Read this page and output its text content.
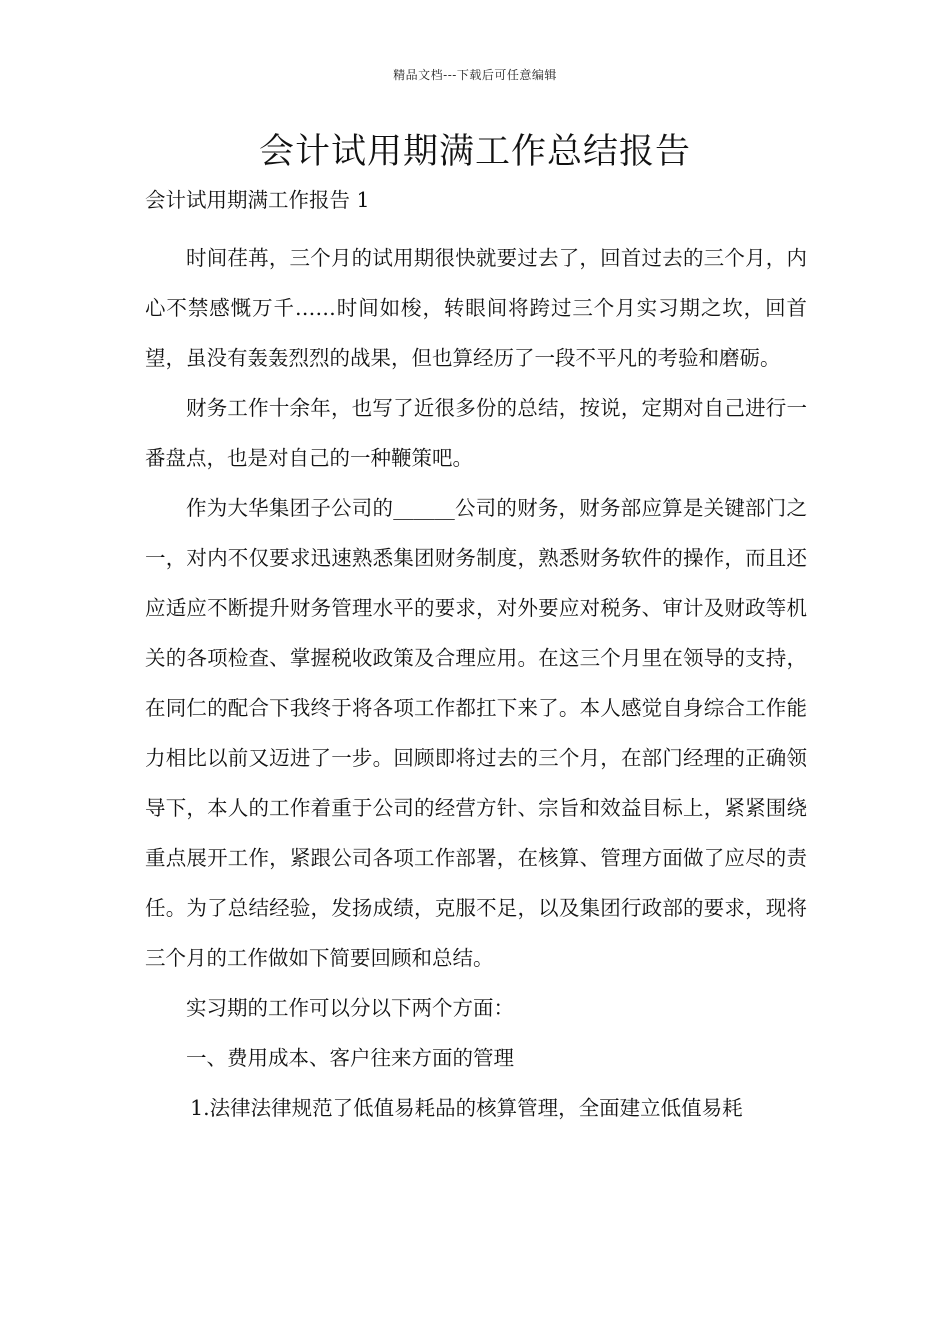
精品文档---下载后可任意编辑
会计试用期满工作总结报告

会计试用期满工作报告 1

时间荏苒，三个月的试用期很快就要过去了，回首过去的三个月，内心不禁感慨万千……时间如梭，转眼间将跨过三个月实习期之坎，回首望，虽没有轰轰烈烈的战果，但也算经历了一段不平凡的考验和磨砺。

财务工作十余年，也写了近很多份的总结，按说，定期对自己进行一番盘点，也是对自己的一种鞭策吧。

作为大华集团子公司的______公司的财务，财务部应算是关键部门之一，对内不仅要求迅速熟悉集团财务制度，熟悉财务软件的操作，而且还应适应不断提升财务管理水平的要求，对外要应对税务、审计及财政等机关的各项检查、掌握税收政策及合理应用。在这三个月里在领导的支持，在同仁的配合下我终于将各项工作都扛下来了。本人感觉自身综合工作能力相比以前又迈进了一步。回顾即将过去的三个月，在部门经理的正确领导下，本人的工作着重于公司的经营方针、宗旨和效益目标上，紧紧围绕重点展开工作，紧跟公司各项工作部署，在核算、管理方面做了应尽的责任。为了总结经验，发扬成绩，克服不足，以及集团行政部的要求，现将三个月的工作做如下简要回顾和总结。

实习期的工作可以分以下两个方面：

一、费用成本、客户往来方面的管理

1.法律法律规范了低值易耗品的核算管理，全面建立低值易耗
